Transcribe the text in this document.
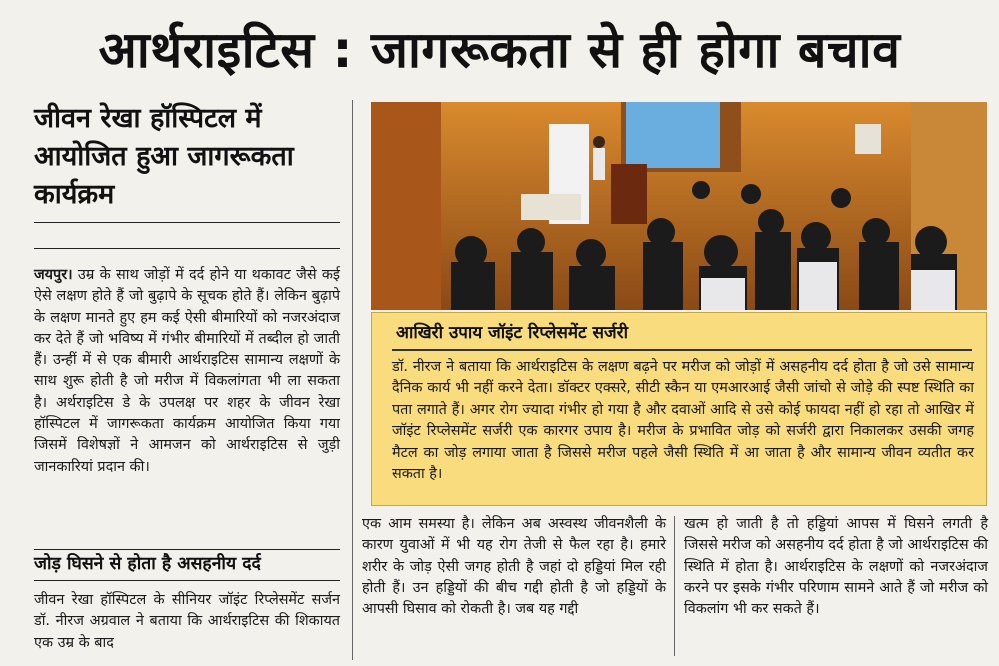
आर्थराइटिस : जागरूकता से ही होगा बचाव
जीवन रेखा हॉस्पिटल में आयोजित हुआ जागरूकता कार्यक्रम
जयपुर। उम्र के साथ जोड़ों में दर्द होने या थकावट जैसे कई ऐसे लक्षण होते हैं जो बुढ़ापे के सूचक होते हैं। लेकिन बुढ़ापे के लक्षण मानते हुए हम कई ऐसी बीमारियों को नजरअंदाज कर देते हैं जो भविष्य में गंभीर बीमारियों में तब्दील हो जाती हैं। उन्हीं में से एक बीमारी आर्थराइटिस सामान्य लक्षणों के साथ शुरू होती है जो मरीज में विकलांगता भी ला सकता है। अर्थराइटिस डे के उपलक्ष पर शहर के जीवन रेखा हॉस्पिटल में जागरूकता कार्यक्रम आयोजित किया गया जिसमें विशेषज्ञों ने आमजन को आर्थराइटिस से जुड़ी जानकारियां प्रदान की।
जोड़ घिसने से होता है असहनीय दर्द
जीवन रेखा हॉस्पिटल के सीनियर जॉइंट रिप्लेसमेंट सर्जन डॉ. नीरज अग्रवाल ने बताया कि आर्थराइटिस की शिकायत एक उम्र के बाद
आखिरी उपाय जॉइंट रिप्लेसमेंट सर्जरी
डॉ. नीरज ने बताया कि आर्थराइटिस के लक्षण बढ़ने पर मरीज को जोड़ों में असहनीय दर्द होता है जो उसे सामान्य दैनिक कार्य भी नहीं करने देता। डॉक्टर एक्सरे, सीटी स्कैन या एमआरआई जैसी जांचो से जोड़े की स्पष्ट स्थिति का पता लगाते हैं। अगर रोग ज्यादा गंभीर हो गया है और दवाओं आदि से उसे कोई फायदा नहीं हो रहा तो आखिर में जॉइंट रिप्लेसमेंट सर्जरी एक कारगर उपाय है। मरीज के प्रभावित जोड़ को सर्जरी द्वारा निकालकर उसकी जगह मैटल का जोड़ लगाया जाता है जिससे मरीज पहले जैसी स्थिति में आ जाता है और सामान्य जीवन व्यतीत कर सकता है।
एक आम समस्या है। लेकिन अब अस्वस्थ जीवनशैली के कारण युवाओं में भी यह रोग तेजी से फैल रहा है। हमारे शरीर के जोड़ ऐसी जगह होती है जहां दो हड्डियां मिल रही होती हैं। उन हड्डियों की बीच गद्दी होती है जो हड्डियों के आपसी घिसाव को रोकती है। जब यह गद्दी
खत्म हो जाती है तो हड्डियां आपस में घिसने लगती है जिससे मरीज को असहनीय दर्द होता है जो आर्थराइटिस की स्थिति में होता है। आर्थराइटिस के लक्षणों को नजरअंदाज करने पर इसके गंभीर परिणाम सामने आते हैं जो मरीज को विकलांग भी कर सकते हैं।
